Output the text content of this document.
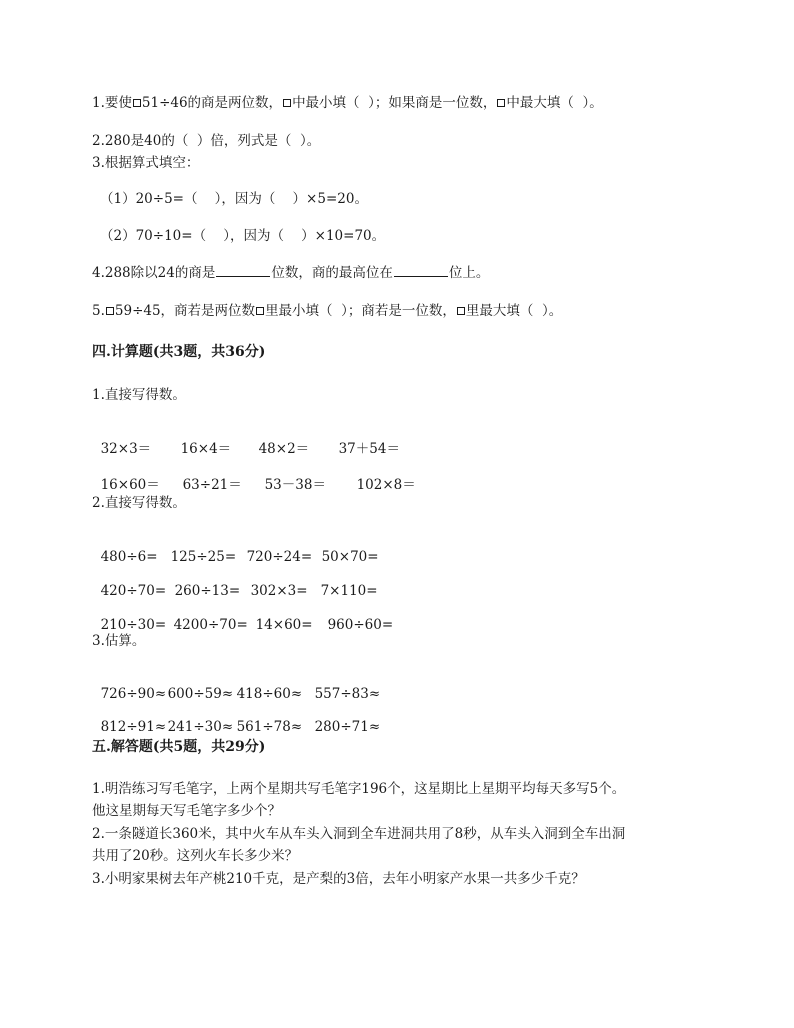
1.要使 51÷46的商是两位数， 中最小填（  ）；如果商是一位数， 中最大填（  ）。
2.280是40的（  ）倍，列式是（  ）。
3.根据算式填空：
（1）20÷5=（    ），因为（    ）×5=20。
（2）70÷10=（    ），因为（    ）×10=70。
4.288除以24的商是	位数，商的最高位在	位上。
5. 59÷45，商若是两位数 里最小填（  ）；商若是一位数， 里最大填（  ）。
四.计算题(共3题，共36分)
1.直接写得数。

32×3＝ 16×4＝ 48×2＝ 37＋54＝

16×60＝ 63÷21＝ 53－38＝ 102×8＝

2.直接写得数。

480÷6= 125÷25= 720÷24= 50×70=

420÷70= 260÷13= 302×3= 7×110=

210÷30= 4200÷70= 14×60= 960÷60=

3.估算。

726÷90≈600÷59≈ 418÷60≈ 557÷83≈

812÷91≈241÷30≈ 561÷78≈ 280÷71≈

五.解答题(共5题，共29分)
1.明浩练习写毛笔字，上两个星期共写毛笔字196个，这星期比上星期平均每天多写5个。
他这星期每天写毛笔字多少个？
2.一条隧道长360米，其中火车从车头入洞到全车进洞共用了8秒，从车头入洞到全车出洞
共用了20秒。这列火车长多少米？
3.小明家果树去年产桃210千克，是产梨的3倍，去年小明家产水果一共多少千克？
